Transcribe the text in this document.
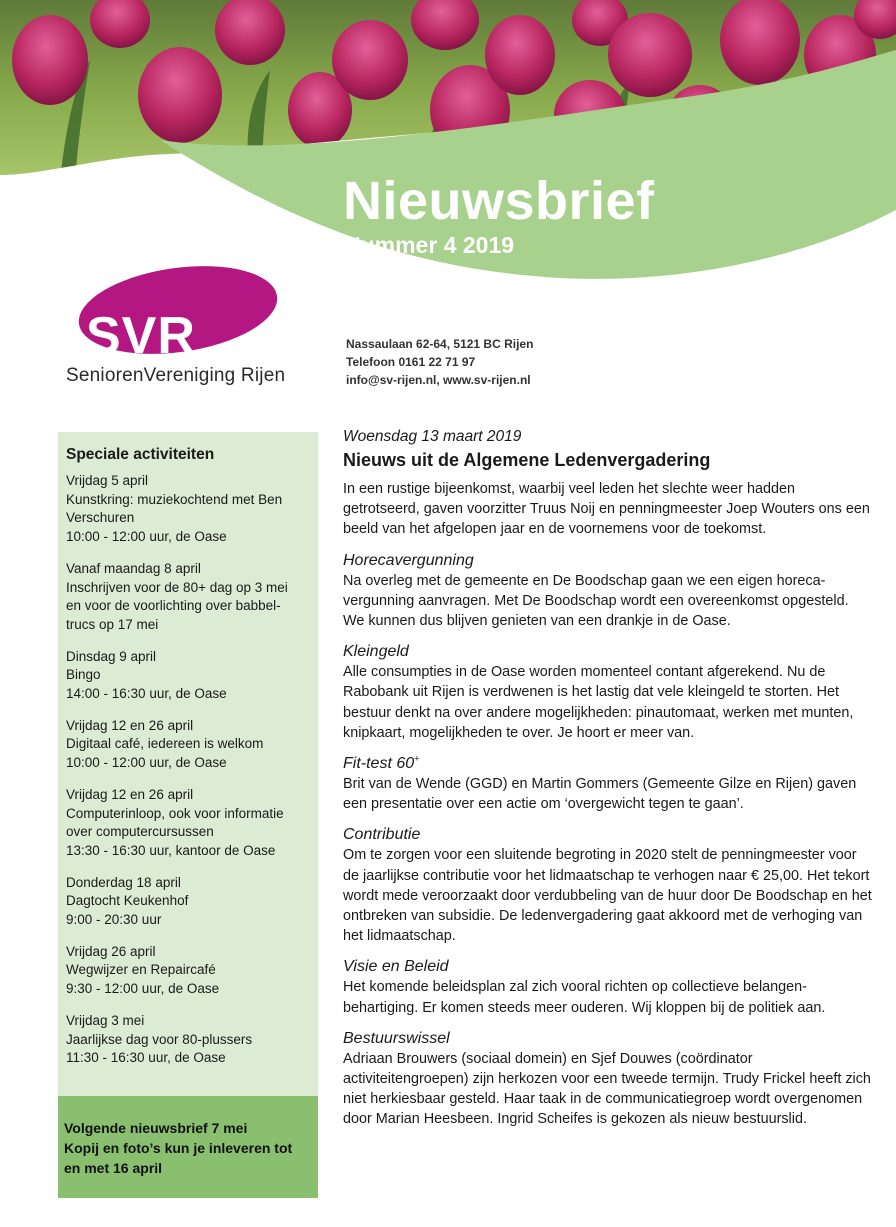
Nieuwsbrief
Nummer 4 2019
SVR
SeniorenVereniging Rijen
Nassaulaan 62-64, 5121 BC Rijen
Telefoon 0161 22 71 97
info@sv-rijen.nl, www.sv-rijen.nl
Speciale activiteiten
Vrijdag 5 april
Kunstkring: muziekochtend met Ben
Verschuren
10:00 - 12:00 uur, de Oase
Vanaf maandag 8 april
Inschrijven voor de 80+ dag op 3 mei
en voor de voorlichting over babbel-
trucs op 17 mei
Dinsdag 9 april
Bingo
14:00 - 16:30 uur, de Oase
Vrijdag 12 en 26 april
Digitaal café, iedereen is welkom
10:00 - 12:00 uur, de Oase
Vrijdag 12 en 26 april
Computerinloop, ook voor informatie
over computercursussen
13:30 - 16:30 uur, kantoor de Oase
Donderdag 18 april
Dagtocht Keukenhof
9:00 - 20:30 uur
Vrijdag 26 april
Wegwijzer en Repaircafé
9:30 - 12:00 uur, de Oase
Vrijdag 3 mei
Jaarlijkse dag voor 80-plussers
11:30 - 16:30 uur, de Oase
Volgende nieuwsbrief 7 mei
Kopij en foto’s kun je inleveren tot
en met 16 april
Woensdag 13 maart 2019
Nieuws uit de Algemene Ledenvergadering
In een rustige bijeenkomst, waarbij veel leden het slechte weer hadden getrotseerd, gaven voorzitter Truus Noij en penningmeester Joep Wouters ons een beeld van het afgelopen jaar en de voornemens voor de toekomst.
Horecavergunning
Na overleg met de gemeente en De Boodschap gaan we een eigen horeca-vergunning aanvragen. Met De Boodschap wordt een overeenkomst opgesteld. We kunnen dus blijven genieten van een drankje in de Oase.
Kleingeld
Alle consumpties in de Oase worden momenteel contant afgerekend. Nu de Rabobank uit Rijen is verdwenen is het lastig dat vele kleingeld te storten. Het bestuur denkt na over andere mogelijkheden: pinautomaat, werken met munten, knipkaart, mogelijkheden te over. Je hoort er meer van.
Fit-test 60+
Brit van de Wende (GGD) en Martin Gommers (Gemeente Gilze en Rijen) gaven een presentatie over een actie om ‘overgewicht tegen te gaan’.
Contributie
Om te zorgen voor een sluitende begroting in 2020 stelt de penningmeester voor de jaarlijkse contributie voor het lidmaatschap te verhogen naar € 25,00. Het tekort wordt mede veroorzaakt door verdubbeling van de huur door De Boodschap en het ontbreken van subsidie. De ledenvergadering gaat akkoord met de verhoging van het lidmaatschap.
Visie en Beleid
Het komende beleidsplan zal zich vooral richten op collectieve belangen-behartiging. Er komen steeds meer ouderen. Wij kloppen bij de politiek aan.
Bestuurswissel
Adriaan Brouwers (sociaal domein) en Sjef Douwes (coördinator activiteitengroepen) zijn herkozen voor een tweede termijn. Trudy Frickel heeft zich niet herkiesbaar gesteld. Haar taak in de communicatiegroep wordt overgenomen door Marian Heesbeen. Ingrid Scheifes is gekozen als nieuw bestuurslid.
